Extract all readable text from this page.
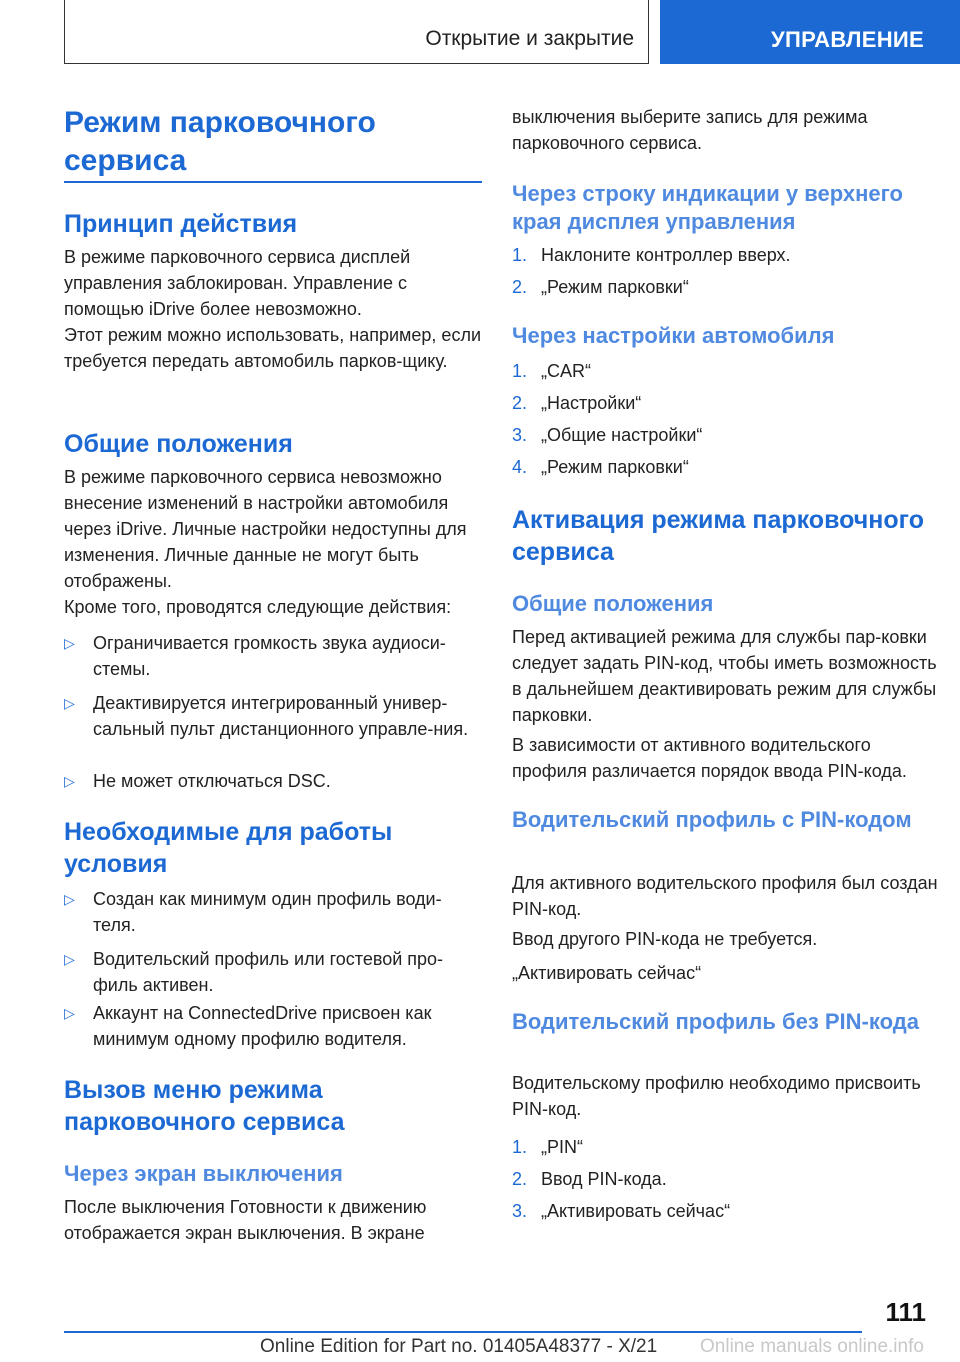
Открытие и закрытие	УПРАВЛЕНИЕ
Режим парковочного сервиса
Принцип действия

В режиме парковочного сервиса дисплей управления заблокирован. Управление с помощью iDrive более невозможно.

Этот режим можно использовать, например, если требуется передать автомобиль парков-щику.

Общие положения

В режиме парковочного сервиса невозможно внесение изменений в настройки автомобиля через iDrive. Личные настройки недоступны для изменения. Личные данные не могут быть отображены.

Кроме того, проводятся следующие действия:

▷ Ограничивается громкость звука аудиоси-стемы.
▷ Деактивируется интегрированный универ-сальный пульт дистанционного управле-ния.
▷ Не может отключаться DSC.
Необходимые для работы условия
▷ Создан как минимум один профиль води-теля.
▷ Водительский профиль или гостевой про-филь активен.
▷ Аккаунт на ConnectedDrive присвоен как минимум одному профилю водителя.
Вызов меню режима парковочного сервиса
Через экран выключения

После выключения Готовности к движению отображается экран выключения. В экране

выключения выберите запись для режима парковочного сервиса.

Через строку индикации у верхнего края дисплея управления
1. Наклоните контроллер вверх.
2. „Режим парковки“
Через настройки автомобиля
1. „CAR“
2. „Настройки“
3. „Общие настройки“
4. „Режим парковки“
Активация режима парковочного сервиса
Общие положения

Перед активацией режима для службы пар-ковки следует задать PIN-код, чтобы иметь возможность в дальнейшем деактивировать режим для службы парковки.

В зависимости от активного водительского профиля различается порядок ввода PIN-кода.

Водительский профиль с PIN-кодом

Для активного водительского профиля был создан PIN-код.

Ввод другого PIN-кода не требуется.

„Активировать сейчас“

Водительский профиль без PIN-кода

Водительскому профилю необходимо присвоить PIN-код.

1. „PIN“
2. Ввод PIN-кода.
3. „Активировать сейчас“
111
Online Edition for Part no. 01405A48377 - X/21 Online manuals online.info
